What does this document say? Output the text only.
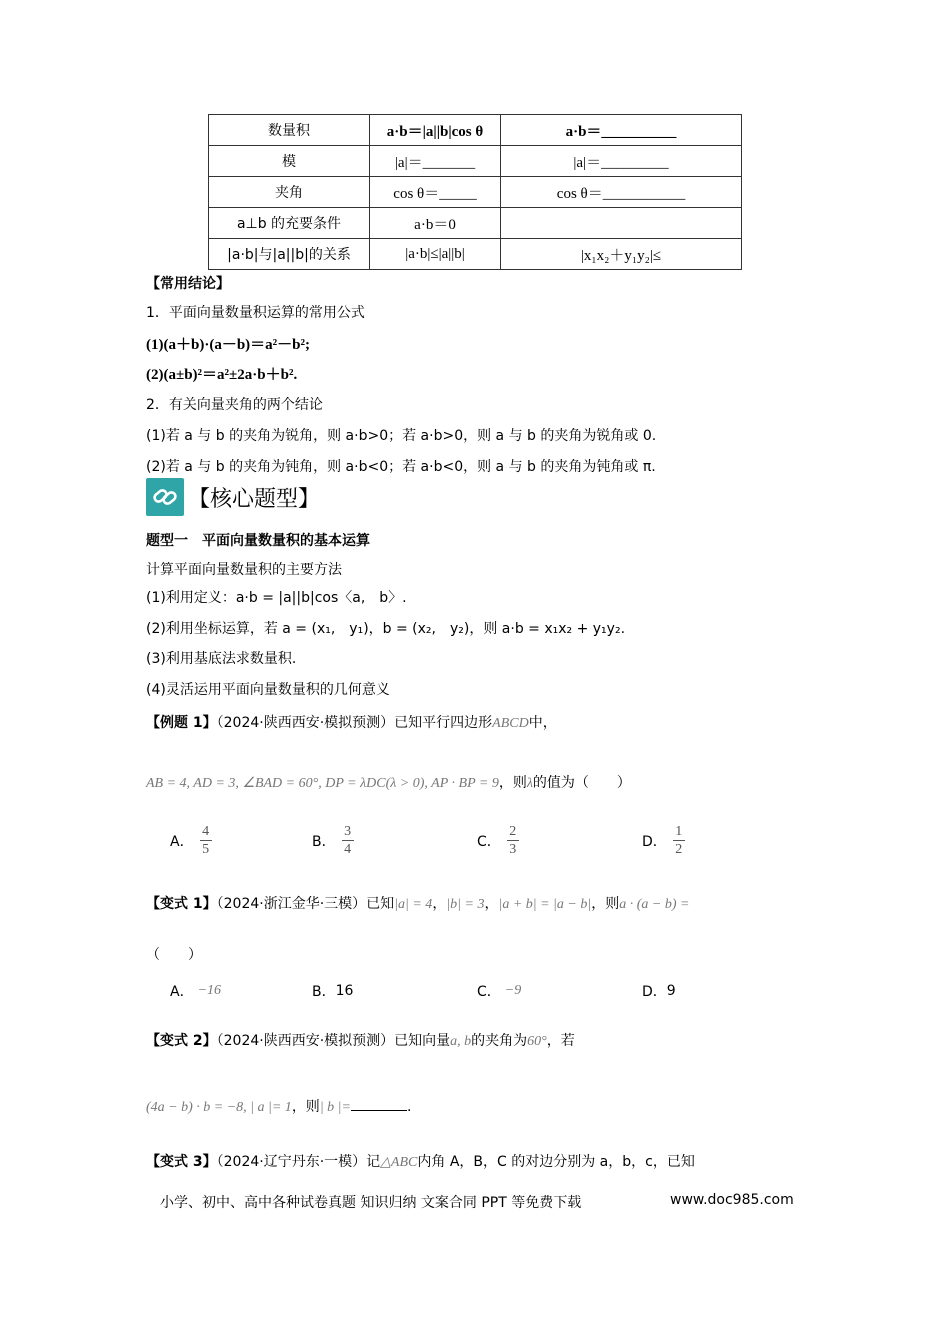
数量积	a·b＝|a||b|cos θ	a·b＝__________
模	|a|＝_______	|a|＝_________
夹角	cos θ＝_____	cos θ＝___________
a⊥b 的充要条件	a·b＝0	
|a·b|与|a||b|的关系	|a·b|≤|a||b|	|x₁x₂＋y₁y₂|≤
【常用结论】
1．平面向量数量积运算的常用公式
(1)(a＋b)·(a－b)＝a²－b²;
(2)(a±b)²＝a²±2a·b＋b².
2．有关向量夹角的两个结论
(1)若 a 与 b 的夹角为锐角，则 a·b>0；若 a·b>0，则 a 与 b 的夹角为锐角或 0.
(2)若 a 与 b 的夹角为钝角，则 a·b<0；若 a·b<0，则 a 与 b 的夹角为钝角或 π.
【核心题型】
题型一　平面向量数量积的基本运算
计算平面向量数量积的主要方法
(1)利用定义：a·b = |a||b|cos〈a,　b〉.
(2)利用坐标运算，若 a = (x₁,　y₁)，b = (x₂,　y₂)，则 a·b = x₁x₂ + y₁y₂.
(3)利用基底法求数量积.
(4)灵活运用平面向量数量积的几何意义
【例题 1】（2024·陕西西安·模拟预测）已知平行四边形ABCD中，
AB = 4, AD = 3, ∠BAD = 60°, DP = λDC(λ > 0), AP · BP = 9，则λ的值为（　　）
A． $\frac{4}{5}$	B． $\frac{3}{4}$	C． $\frac{2}{3}$	D． $\frac{1}{2}$
【变式 1】（2024·浙江金华·三模）已知|a| = 4，|b| = 3，|a + b| = |a − b|，则a · (a − b) =
（　　）
A． −16	B． 16	C． −9	D． 9
【变式 2】（2024·陕西西安·模拟预测）已知向量a, b的夹角为60°，若
(4a − b) · b = −8, | a |= 1，则| b |=	.
【变式 3】（2024·辽宁丹东·一模）记△ABC内角 A，B，C 的对边分别为 a，b，c，已知
小学、初中、高中各种试卷真题 知识归纳 文案合同 PPT 等免费下载	www.doc985.com
